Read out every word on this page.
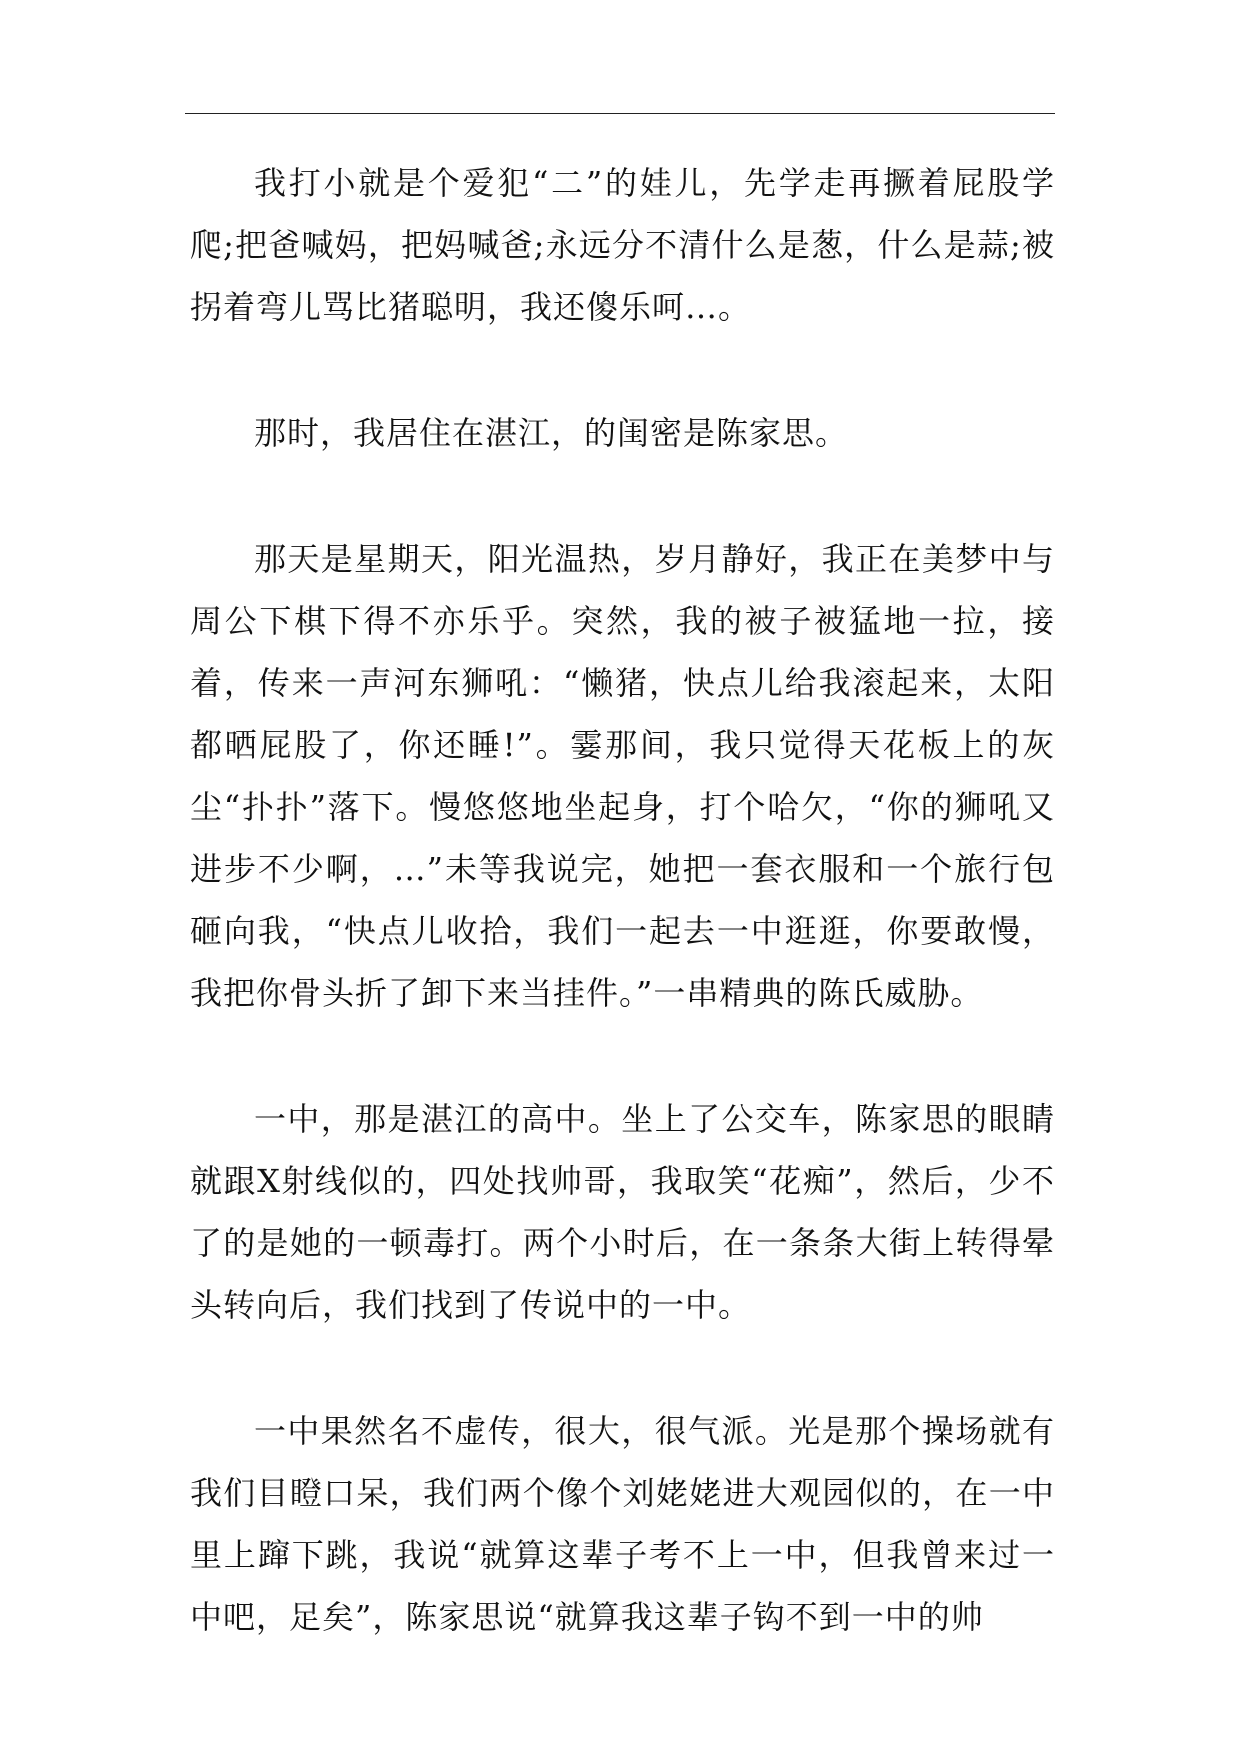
我打小就是个爱犯“二”的娃儿，先学走再撅着屁股学爬;把爸喊妈，把妈喊爸;永远分不清什么是葱，什么是蒜;被拐着弯儿骂比猪聪明，我还傻乐呵…。

那时，我居住在湛江，的闺密是陈家思。

那天是星期天，阳光温热，岁月静好，我正在美梦中与周公下棋下得不亦乐乎。突然，我的被子被猛地一拉，接着，传来一声河东狮吼：“懒猪，快点儿给我滚起来，太阳都晒屁股了，你还睡!”。霎那间，我只觉得天花板上的灰尘“扑扑”落下。慢悠悠地坐起身，打个哈欠，“你的狮吼又进步不少啊，…”未等我说完，她把一套衣服和一个旅行包砸向我，“快点儿收拾，我们一起去一中逛逛，你要敢慢，我把你骨头折了卸下来当挂件。”一串精典的陈氏威胁。

一中，那是湛江的高中。坐上了公交车，陈家思的眼睛就跟X射线似的，四处找帅哥，我取笑“花痴”，然后，少不了的是她的一顿毒打。两个小时后，在一条条大街上转得晕头转向后，我们找到了传说中的一中。

一中果然名不虚传，很大，很气派。光是那个操场就有我们目瞪口呆，我们两个像个刘姥姥进大观园似的，在一中里上蹿下跳，我说“就算这辈子考不上一中，但我曾来过一中吧，足矣”，陈家思说“就算我这辈子钩不到一中的帅
